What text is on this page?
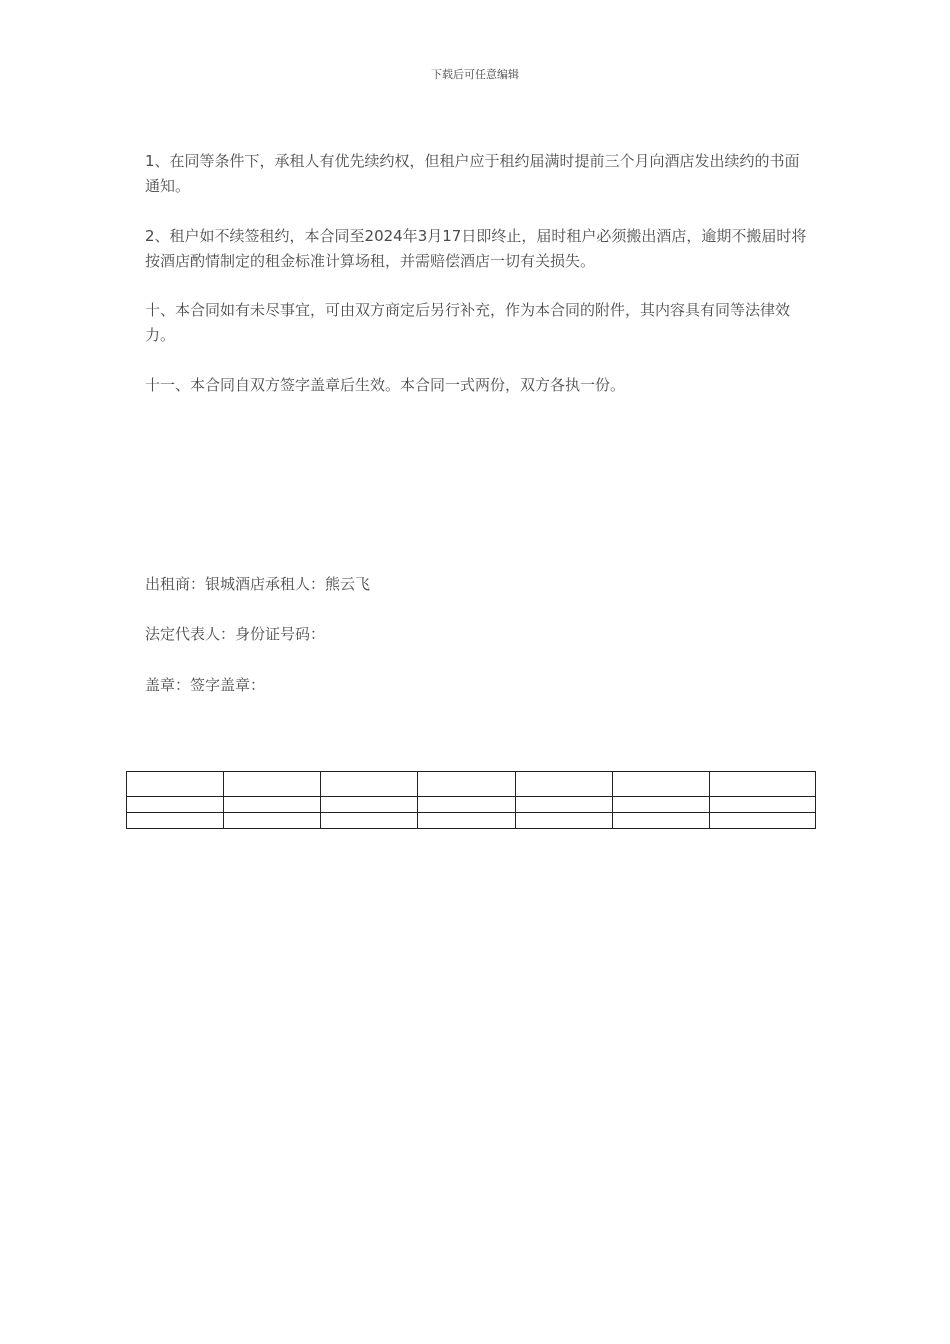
下载后可任意编辑

1、在同等条件下，承租人有优先续约权，但租户应于租约届满时提前三个月向酒店发出续约的书面通知。

2、租户如不续签租约，本合同至2024年3月17日即终止，届时租户必须搬出酒店，逾期不搬届时将按酒店酌情制定的租金标准计算场租，并需赔偿酒店一切有关损失。

十、本合同如有未尽事宜，可由双方商定后另行补充，作为本合同的附件，其内容具有同等法律效力。

十一、本合同自双方签字盖章后生效。本合同一式两份，双方各执一份。

出租商：银城酒店承租人：熊云飞

法定代表人：身份证号码：

盖章：签字盖章：
